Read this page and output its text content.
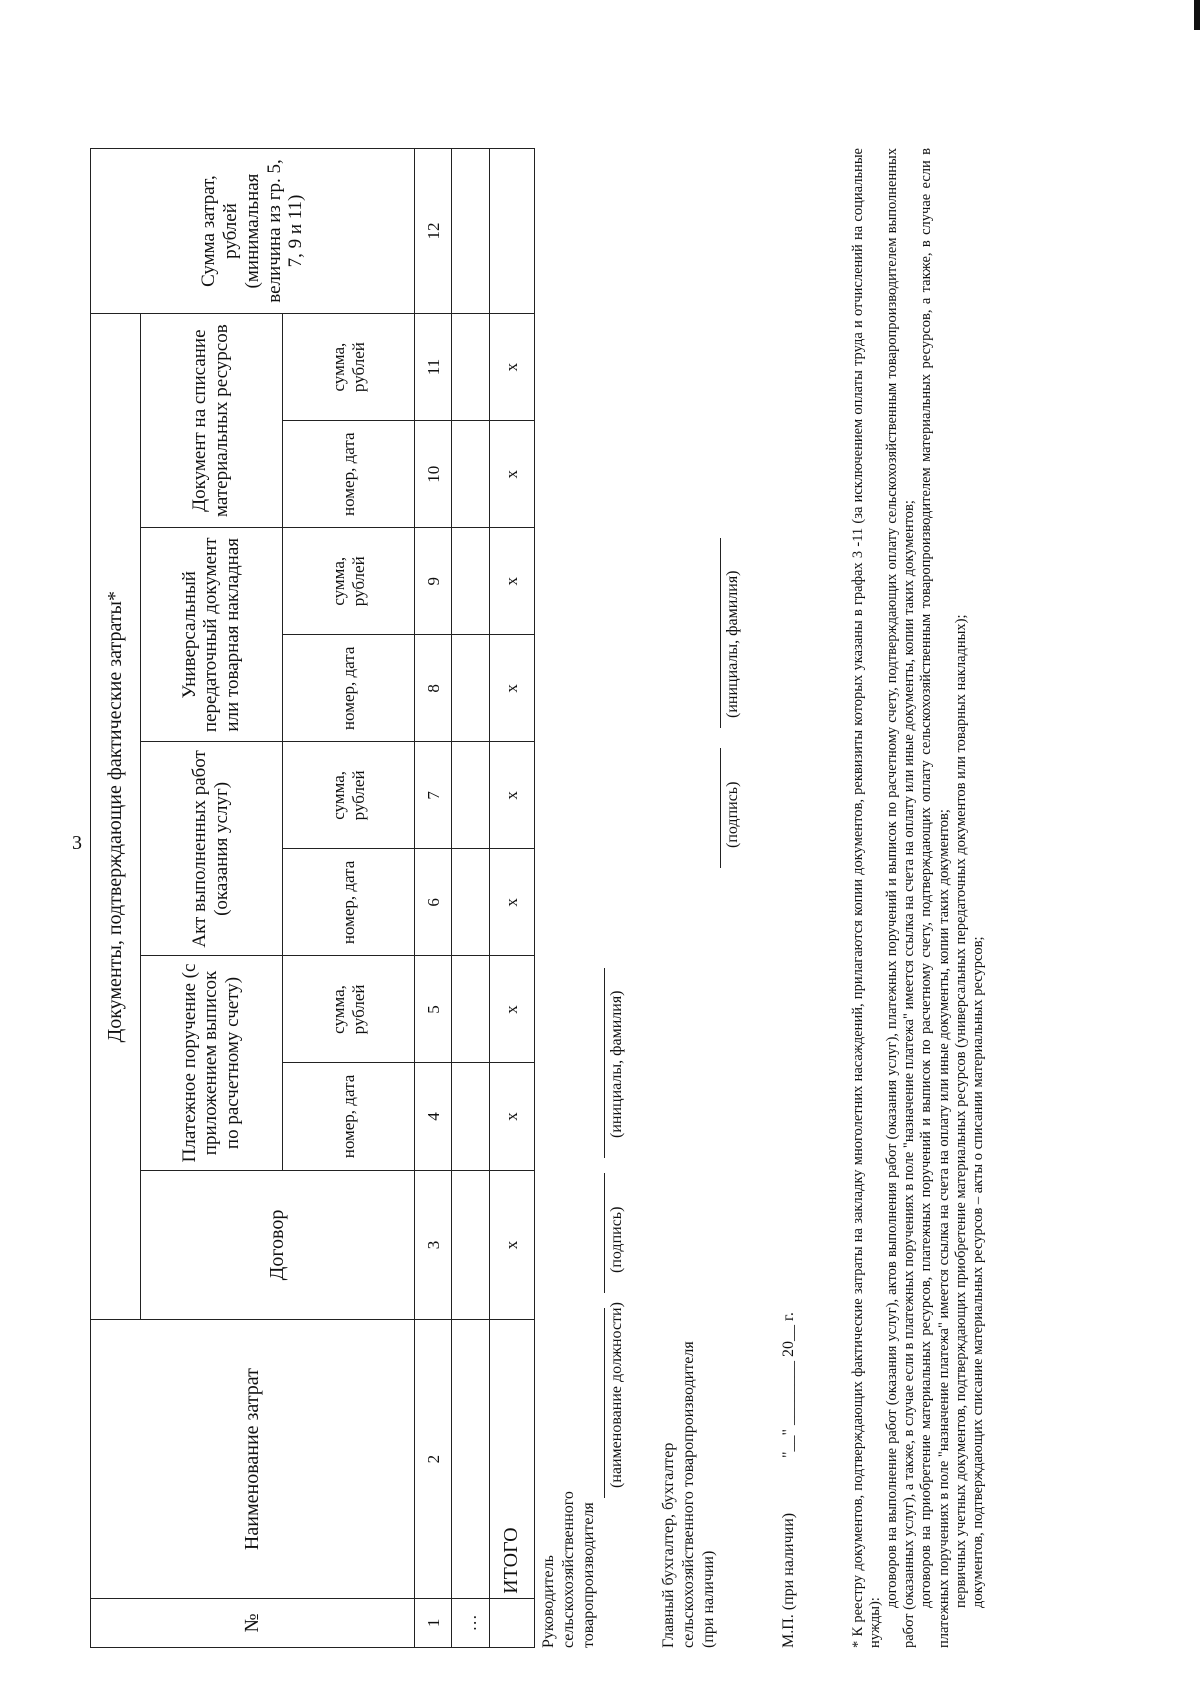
3
№	Наименование затрат	Документы, подтверждающие фактические затраты*									Сумма затрат, рублей (минимальная величина из гр. 5, 7, 9 и 11)
		Договор	Платежное поручение (с приложением выписок по расчетному счету)		Акт выполненных работ (оказания услуг)		Универсальный передаточный документ или товарная накладная		Документ на списание материальных ресурсов		
			номер, дата	сумма, рублей	номер, дата	сумма, рублей	номер, дата	сумма, рублей	номер, дата	сумма, рублей	
1	2	3	4	5	6	7	8	9	10	11	12
…											
	ИТОГО	х	х	х	х	х	х	х	х	х	
Руководитель сельскохозяйственного товаропроизводителя
(наименование должности)
(подпись)
(инициалы, фамилия)
Главный бухгалтер, бухгалтер сельскохозяйственного товаропроизводителя (при наличии)
(подпись)
(инициалы, фамилия)
М.П. (при наличии)
"__" ________ 20__ г.	* К реестру документов, подтверждающих фактические затраты на закладку многолетних насаждений, прилагаются копии документов, реквизиты которых указаны в графах 3 -11 (за исключением оплаты труда и отчислений на социальные нужды):

договоров на выполнение работ (оказания услуг), актов выполнения работ (оказания услуг), платежных поручений и выписок по расчетному счету, подтверждающих оплату сельскохозяйственным товаропроизводителем выполненных работ (оказанных услуг), а также, в случае если в платежных поручениях в поле "назначение платежа" имеется ссылка на счета на оплату или иные документы, копии таких документов; договоров на приобретение материальных ресурсов, платежных поручений и выписок по расчетному счету, подтверждающих оплату сельскохозяйственным товаропроизводителем материальных ресурсов, а также, в случае если в платежных поручениях в поле "назначение платежа" имеется ссылка на счета на оплату или иные документы, копии таких документов; первичных учетных документов, подтверждающих приобретение материальных ресурсов (универсальных передаточных документов или товарных накладных); документов, подтверждающих списание материальных ресурсов – акты о списании материальных ресурсов;
